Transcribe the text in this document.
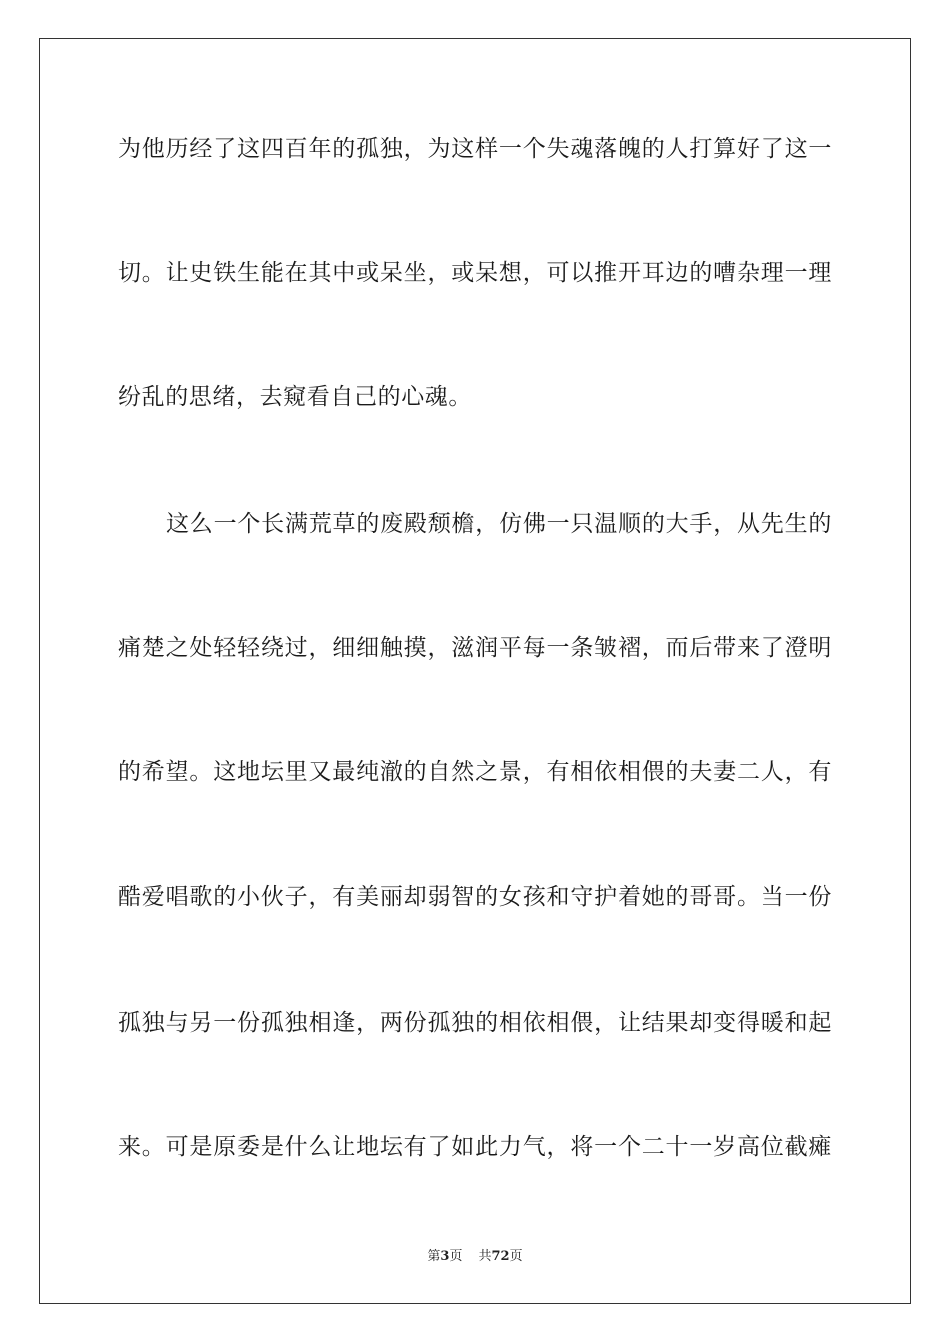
为他历经了这四百年的孤独，为这样一个失魂落魄的人打算好了这一
切。让史铁生能在其中或呆坐，或呆想，可以推开耳边的嘈杂理一理
纷乱的思绪，去窥看自己的心魂。
这么一个长满荒草的废殿颓檐，仿佛一只温顺的大手，从先生的
痛楚之处轻轻绕过，细细触摸，滋润平每一条皱褶，而后带来了澄明
的希望。这地坛里又最纯澈的自然之景，有相依相偎的夫妻二人，有
酷爱唱歌的小伙子，有美丽却弱智的女孩和守护着她的哥哥。当一份
孤独与另一份孤独相逢，两份孤独的相依相偎，让结果却变得暖和起
来。可是原委是什么让地坛有了如此力气，将一个二十一岁高位截瘫
第3页 共72页
